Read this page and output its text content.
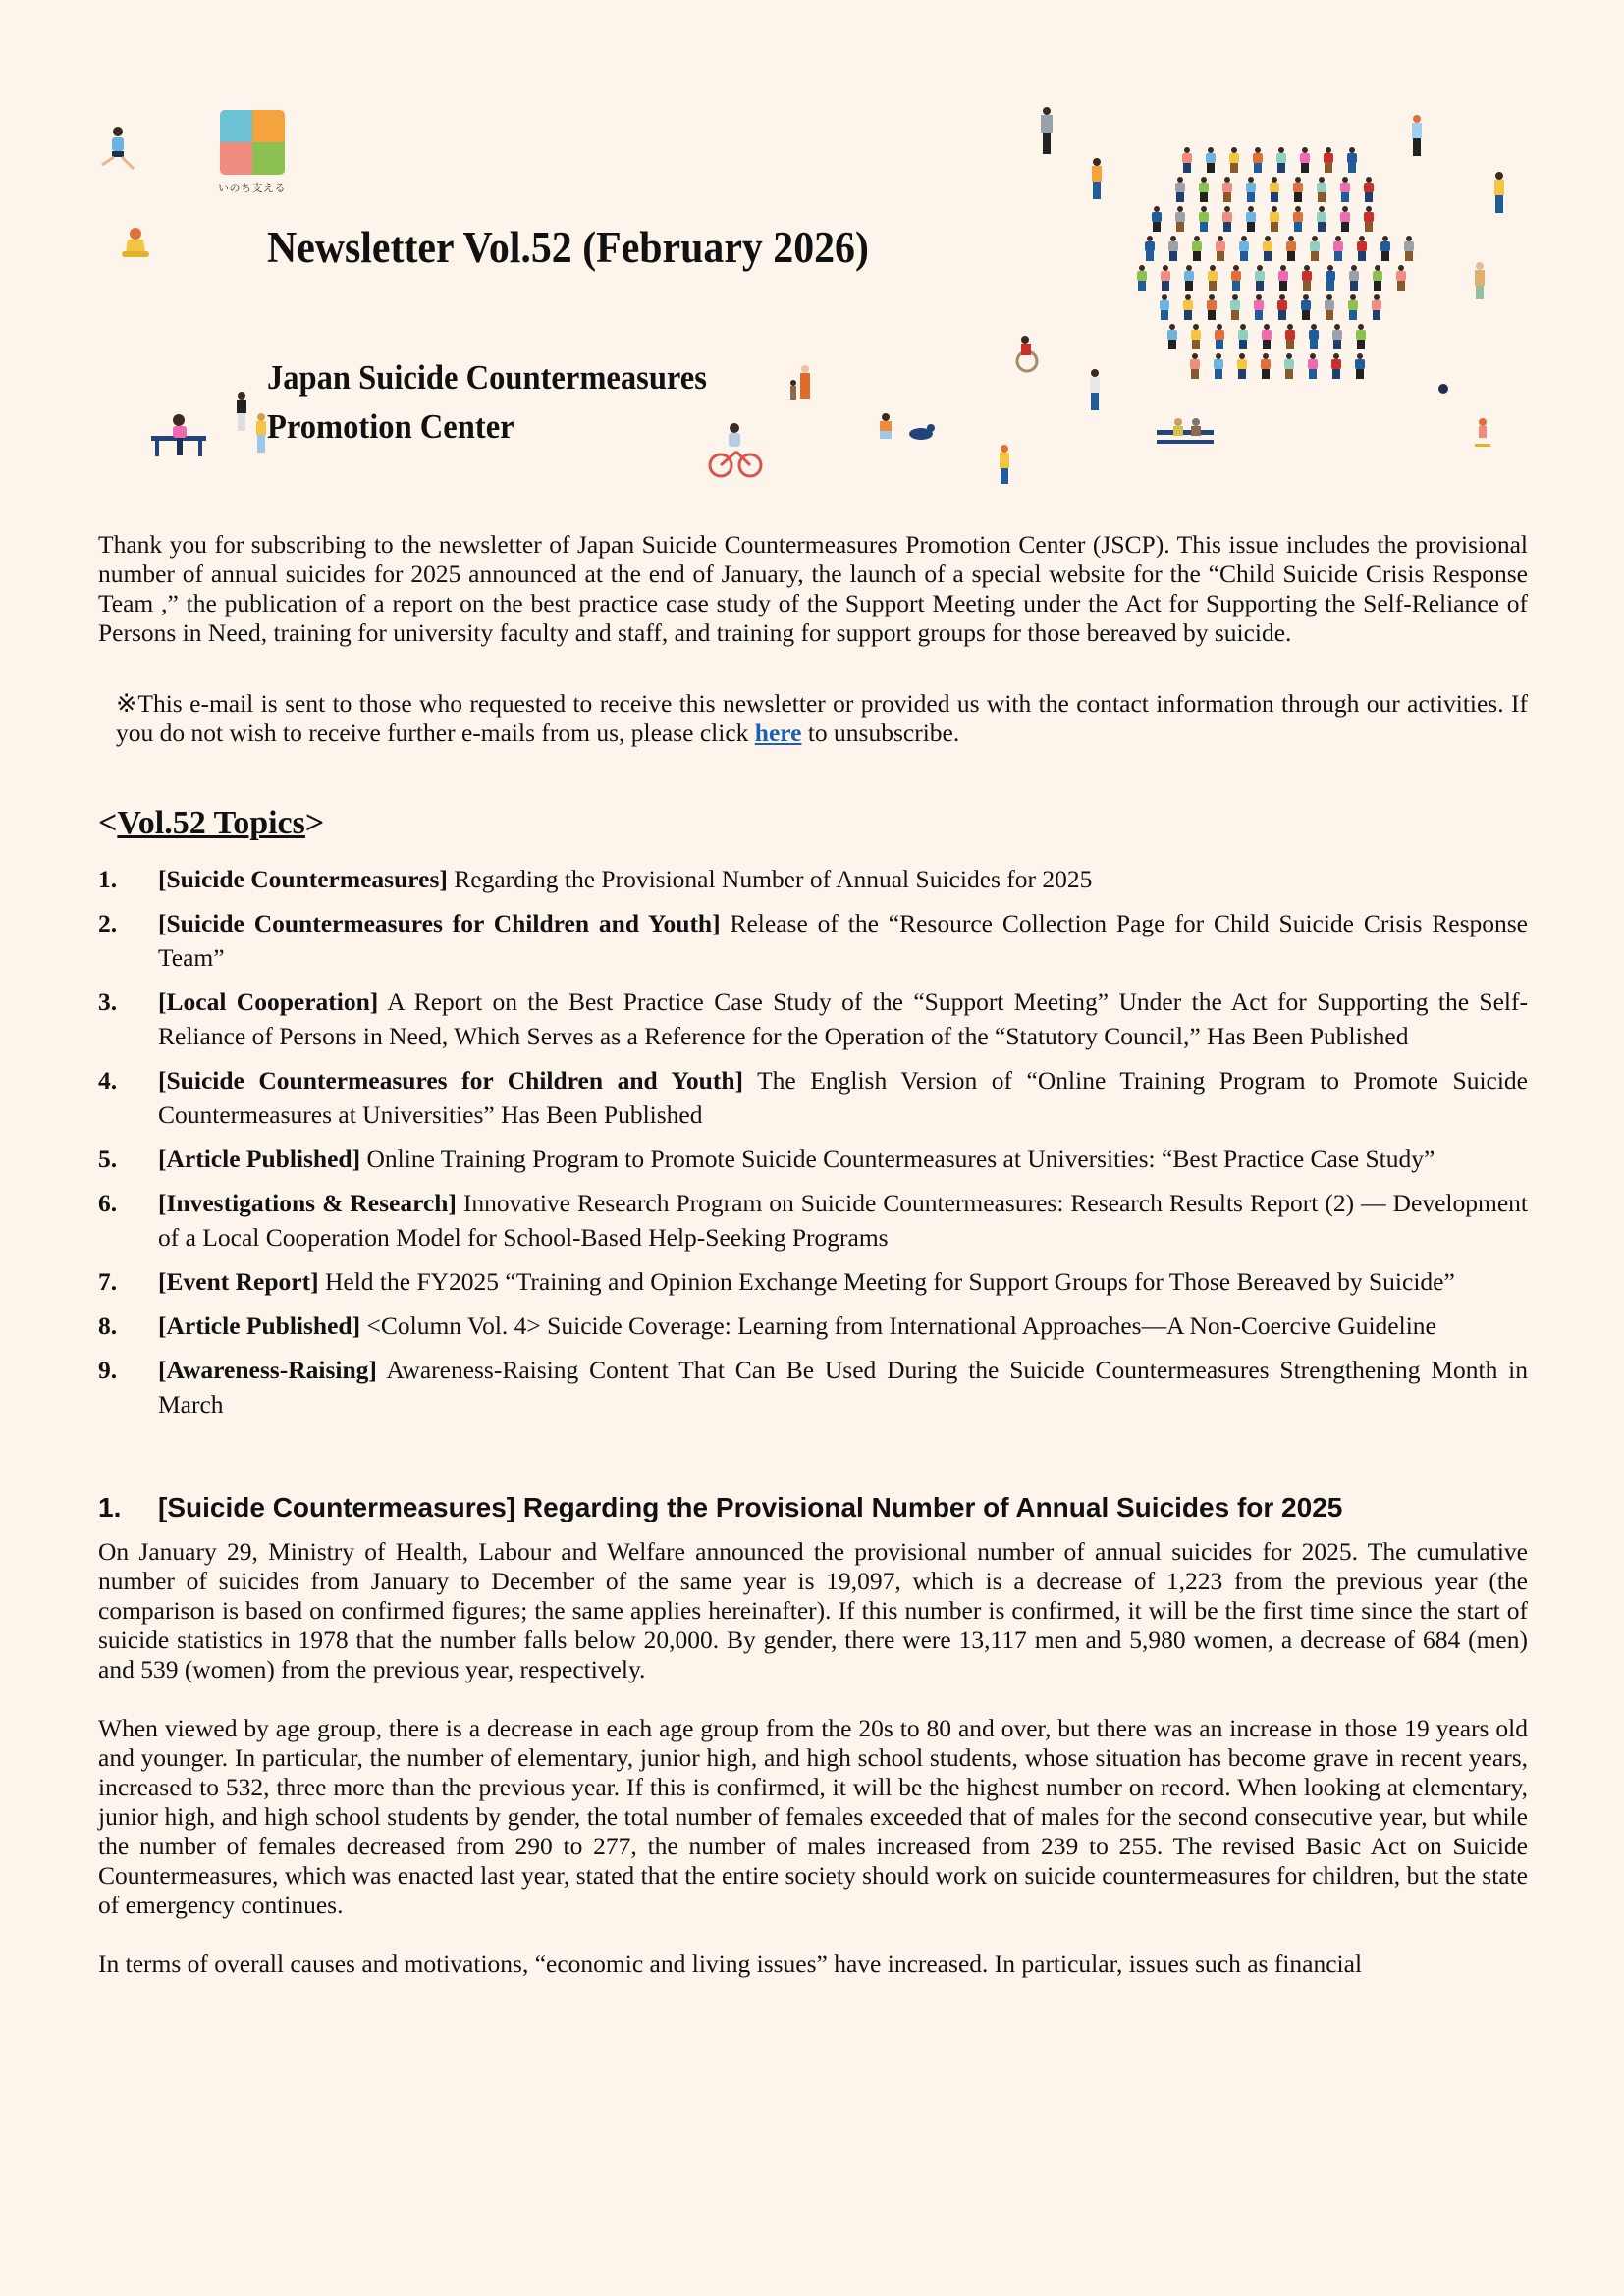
いのち支える
Newsletter Vol.52 (February 2026)
Japan Suicide Countermeasures
Promotion Center

Thank you for subscribing to the newsletter of Japan Suicide Countermeasures Promotion Center (JSCP). This issue includes the provisional number of annual suicides for 2025 announced at the end of January, the launch of a special website for the “Child Suicide Crisis Response Team ,” the publication of a report on the best practice case study of the Support Meeting under the Act for Supporting the Self-Reliance of Persons in Need, training for university faculty and staff, and training for support groups for those bereaved by suicide.

※This e-mail is sent to those who requested to receive this newsletter or provided us with the contact information through our activities. If you do not wish to receive further e-mails from us, please click here to unsubscribe.

<Vol.52 Topics>
1. [Suicide Countermeasures] Regarding the Provisional Number of Annual Suicides for 2025
2. [Suicide Countermeasures for Children and Youth] Release of the “Resource Collection Page for Child Suicide Crisis Response Team”
3. [Local Cooperation] A Report on the Best Practice Case Study of the “Support Meeting” Under the Act for Supporting the Self-Reliance of Persons in Need, Which Serves as a Reference for the Operation of the “Statutory Council,” Has Been Published
4. [Suicide Countermeasures for Children and Youth] The English Version of “Online Training Program to Promote Suicide Countermeasures at Universities” Has Been Published
5. [Article Published] Online Training Program to Promote Suicide Countermeasures at Universities: “Best Practice Case Study”
6. [Investigations & Research] Innovative Research Program on Suicide Countermeasures: Research Results Report (2) — Development of a Local Cooperation Model for School-Based Help-Seeking Programs
7. [Event Report] Held the FY2025 “Training and Opinion Exchange Meeting for Support Groups for Those Bereaved by Suicide”
8. [Article Published] <Column Vol. 4> Suicide Coverage: Learning from International Approaches—A Non-Coercive Guideline
9. [Awareness-Raising] Awareness-Raising Content That Can Be Used During the Suicide Countermeasures Strengthening Month in March
1. [Suicide Countermeasures] Regarding the Provisional Number of Annual Suicides for 2025

On January 29, Ministry of Health, Labour and Welfare announced the provisional number of annual suicides for 2025. The cumulative number of suicides from January to December of the same year is 19,097, which is a decrease of 1,223 from the previous year (the comparison is based on confirmed figures; the same applies hereinafter). If this number is confirmed, it will be the first time since the start of suicide statistics in 1978 that the number falls below 20,000. By gender, there were 13,117 men and 5,980 women, a decrease of 684 (men) and 539 (women) from the previous year, respectively.

When viewed by age group, there is a decrease in each age group from the 20s to 80 and over, but there was an increase in those 19 years old and younger. In particular, the number of elementary, junior high, and high school students, whose situation has become grave in recent years, increased to 532, three more than the previous year. If this is confirmed, it will be the highest number on record. When looking at elementary, junior high, and high school students by gender, the total number of females exceeded that of males for the second consecutive year, but while the number of females decreased from 290 to 277, the number of males increased from 239 to 255. The revised Basic Act on Suicide Countermeasures, which was enacted last year, stated that the entire society should work on suicide countermeasures for children, but the state of emergency continues.

In terms of overall causes and motivations, “economic and living issues” have increased. In particular, issues such as financial
